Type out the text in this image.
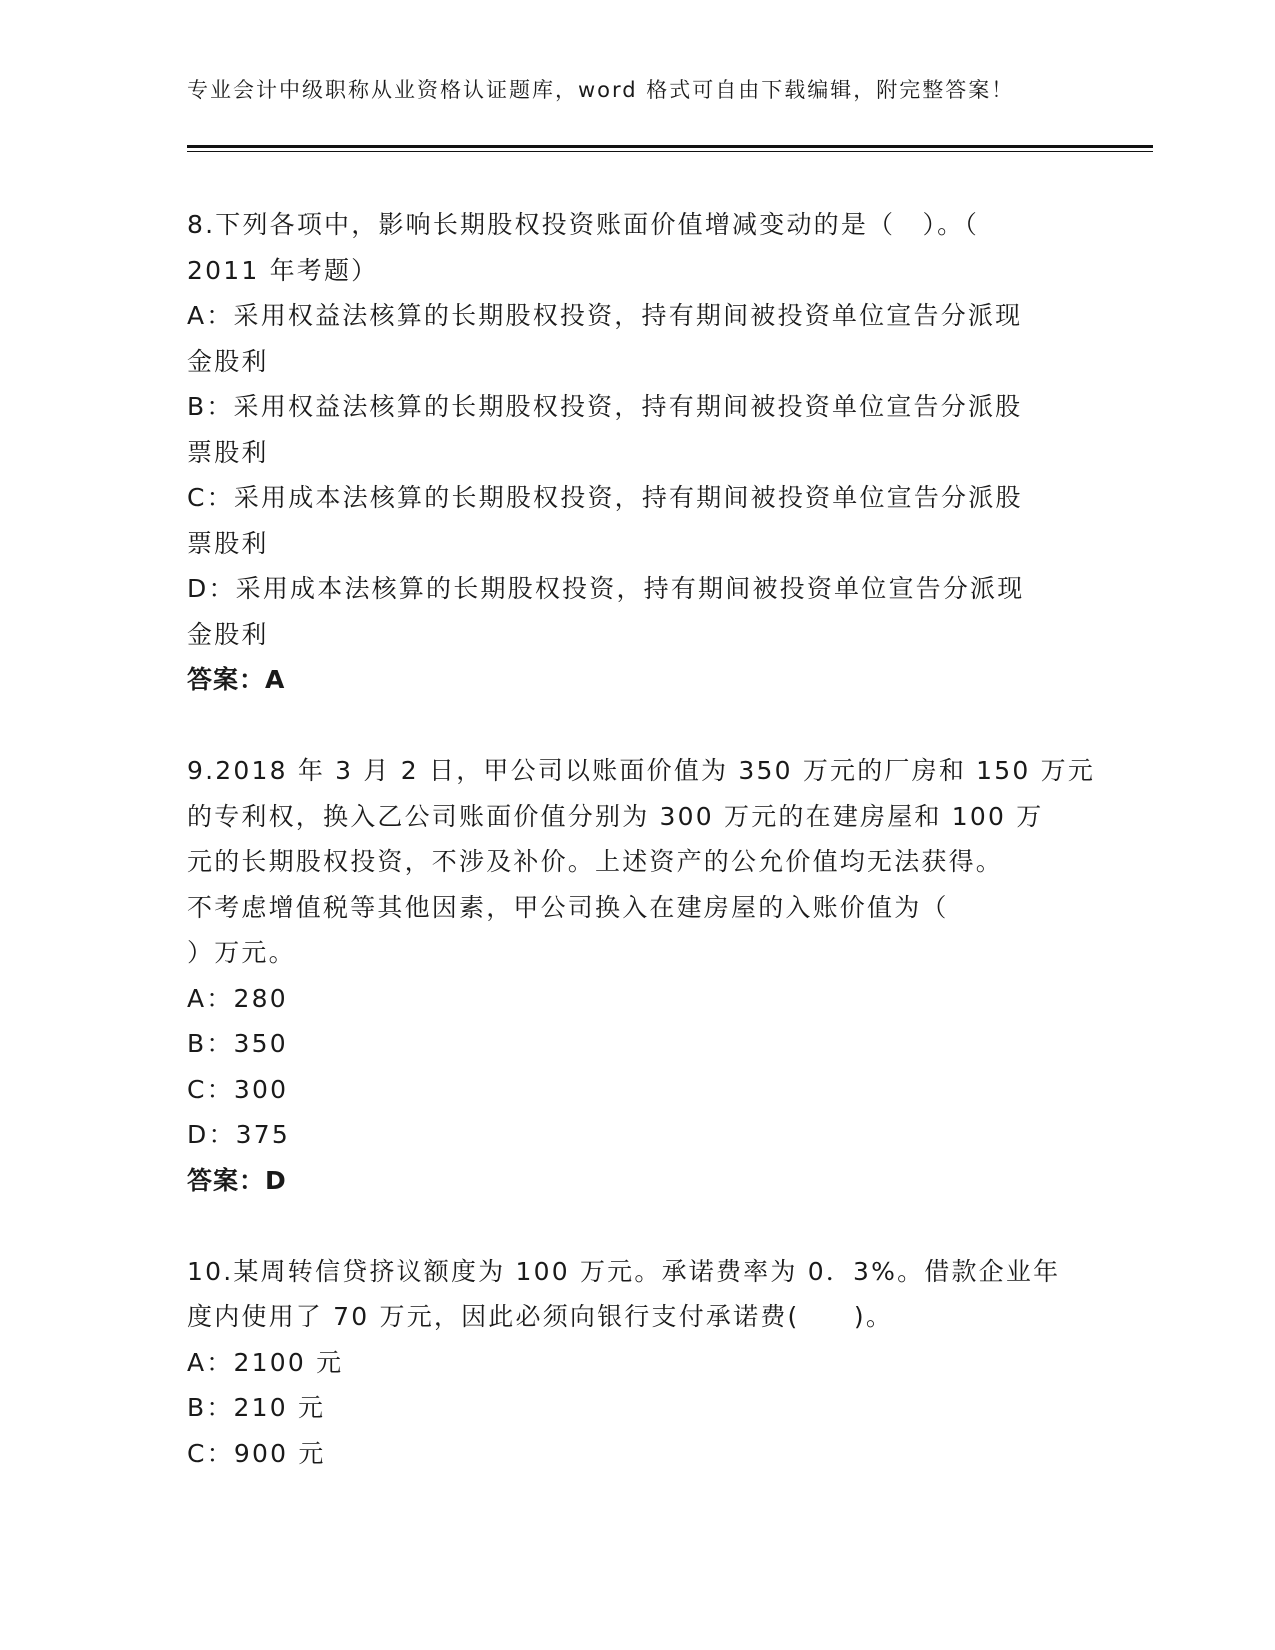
专业会计中级职称从业资格认证题库，word 格式可自由下载编辑，附完整答案！
8.下列各项中，影响长期股权投资账面价值增减变动的是（　）。（
2011 年考题）
A：采用权益法核算的长期股权投资，持有期间被投资单位宣告分派现
金股利
B：采用权益法核算的长期股权投资，持有期间被投资单位宣告分派股
票股利
C：采用成本法核算的长期股权投资，持有期间被投资单位宣告分派股
票股利
D：采用成本法核算的长期股权投资，持有期间被投资单位宣告分派现
金股利
答案：A
9.2018 年 3 月 2 日，甲公司以账面价值为 350 万元的厂房和 150 万元
的专利权，换入乙公司账面价值分别为 300 万元的在建房屋和 100 万
元的长期股权投资，不涉及补价。上述资产的公允价值均无法获得。
不考虑增值税等其他因素，甲公司换入在建房屋的入账价值为（
）万元。
A：280
B：350
C：300
D：375
答案：D
10.某周转信贷挤议额度为 100 万元。承诺费率为 0．3%。借款企业年
度内使用了 70 万元，因此必须向银行支付承诺费(　　)。
A：2100 元
B：210 元
C：900 元
